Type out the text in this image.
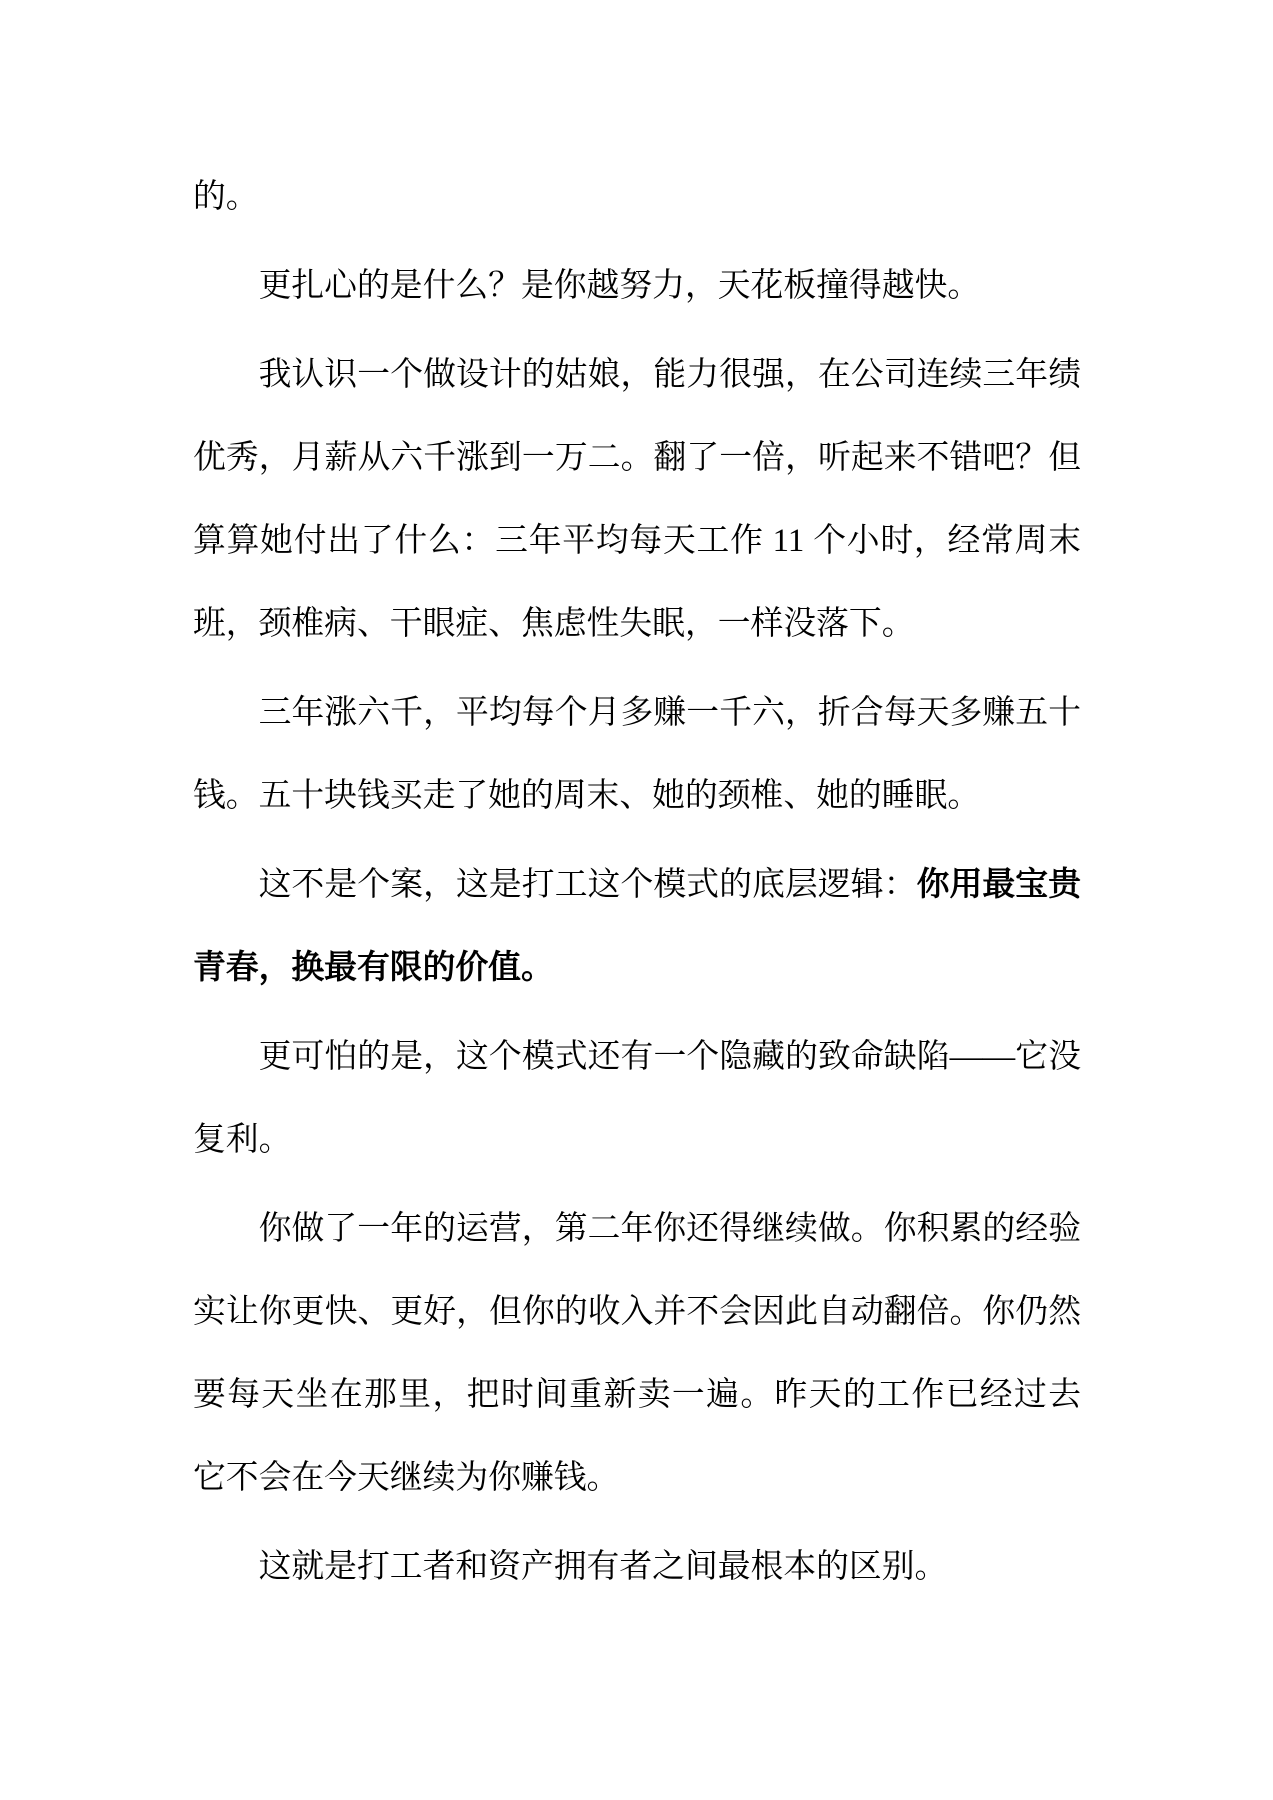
的。
更扎心的是什么？是你越努力，天花板撞得越快。
我认识一个做设计的姑娘，能力很强，在公司连续三年绩
优秀，月薪从六千涨到一万二。翻了一倍，听起来不错吧？但
算算她付出了什么：三年平均每天工作 11 个小时，经常周末
班，颈椎病、干眼症、焦虑性失眠，一样没落下。
三年涨六千，平均每个月多赚一千六，折合每天多赚五十
钱。五十块钱买走了她的周末、她的颈椎、她的睡眠。
这不是个案，这是打工这个模式的底层逻辑：你用最宝贵
青春，换最有限的价值。
更可怕的是，这个模式还有一个隐藏的致命缺陷——它没
复利。
你做了一年的运营，第二年你还得继续做。你积累的经验
实让你更快、更好，但你的收入并不会因此自动翻倍。你仍然
要每天坐在那里，把时间重新卖一遍。昨天的工作已经过去
它不会在今天继续为你赚钱。
这就是打工者和资产拥有者之间最根本的区别。
